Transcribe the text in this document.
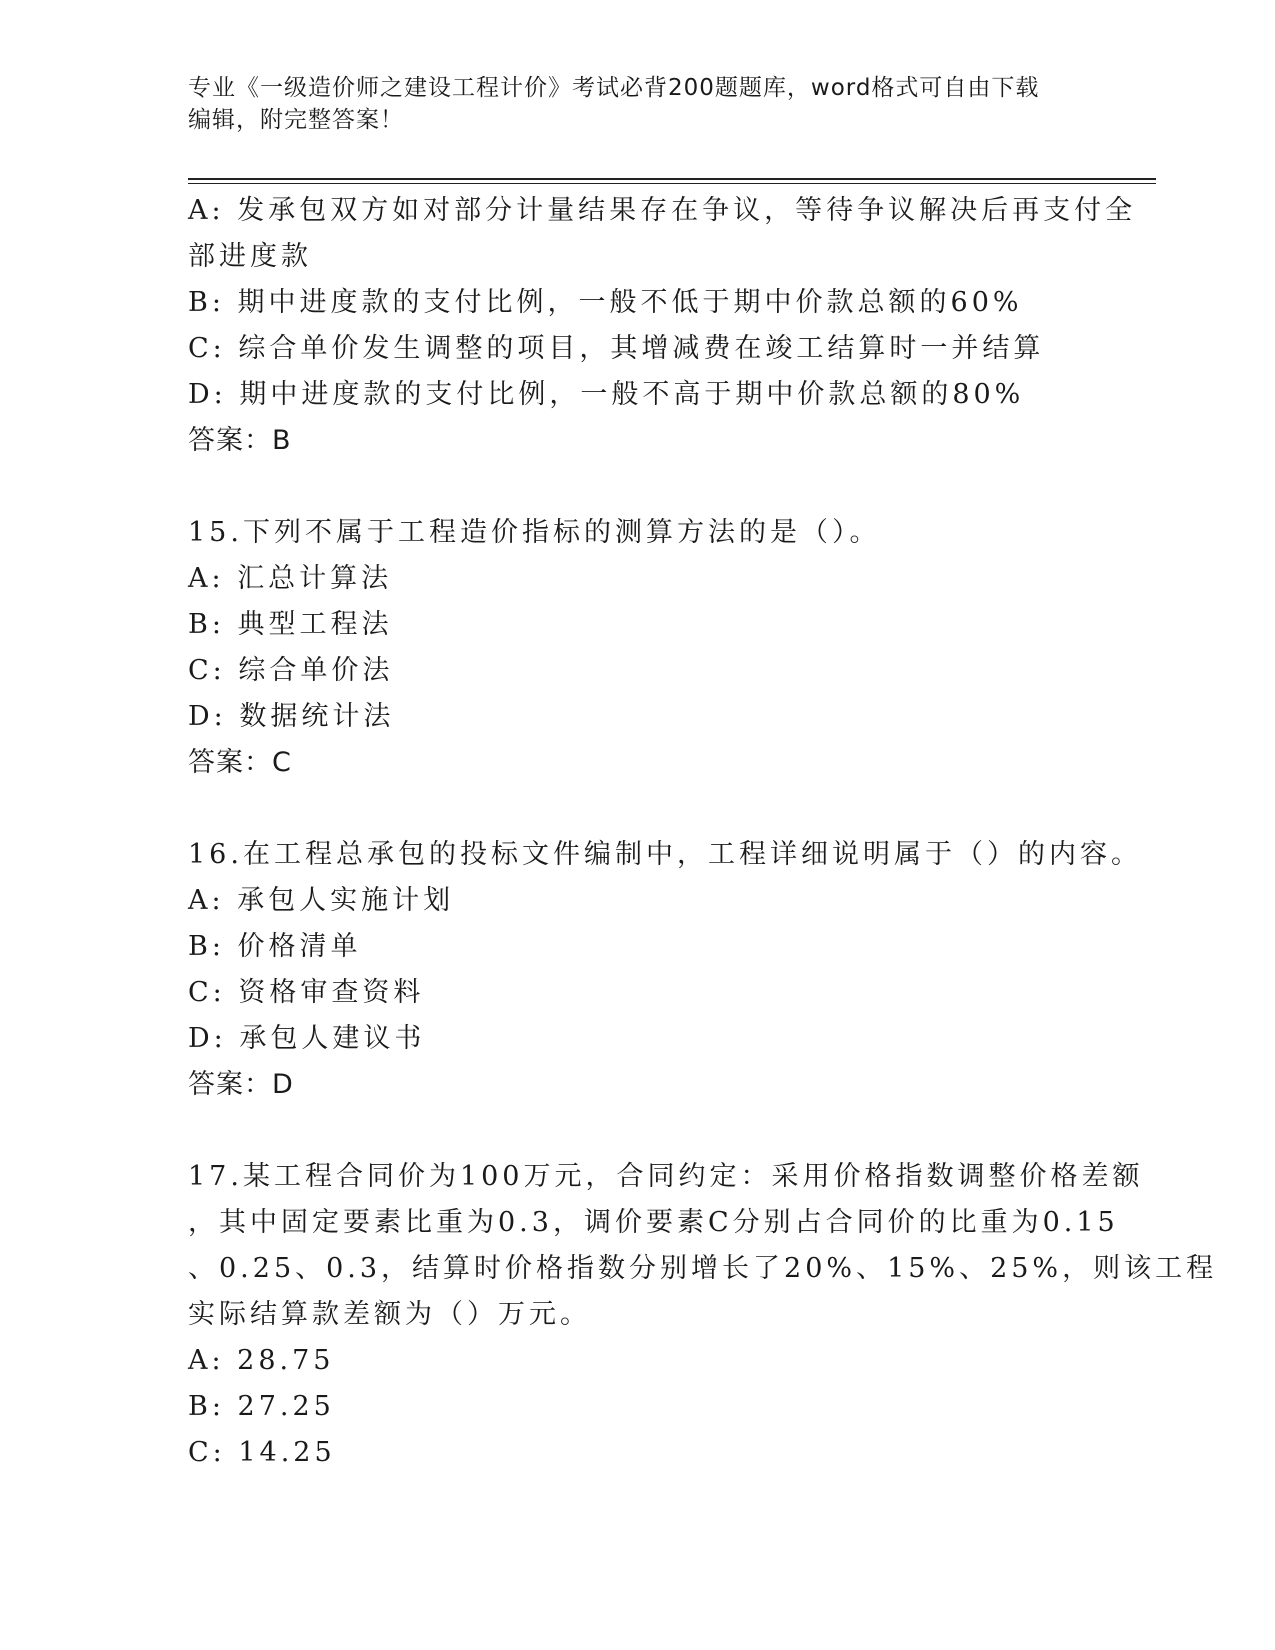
专业《一级造价师之建设工程计价》考试必背200题题库，word格式可自由下载
编辑，附完整答案！
A: 发承包双方如对部分计量结果存在争议，等待争议解决后再支付全
部进度款
B: 期中进度款的支付比例，一般不低于期中价款总额的60%
C: 综合单价发生调整的项目，其增减费在竣工结算时一并结算
D: 期中进度款的支付比例，一般不高于期中价款总额的80%
答案：B
15.下列不属于工程造价指标的测算方法的是（）。
A: 汇总计算法
B: 典型工程法
C: 综合单价法
D: 数据统计法
答案：C
16.在工程总承包的投标文件编制中，工程详细说明属于（）的内容。
A: 承包人实施计划
B: 价格清单
C: 资格审查资料
D: 承包人建议书
答案：D
17.某工程合同价为100万元，合同约定：采用价格指数调整价格差额
，其中固定要素比重为0.3，调价要素C分别占合同价的比重为0.15
、0.25、0.3，结算时价格指数分别增长了20%、15%、25%，则该工程
实际结算款差额为（）万元。
A: 28.75
B: 27.25
C: 14.25
